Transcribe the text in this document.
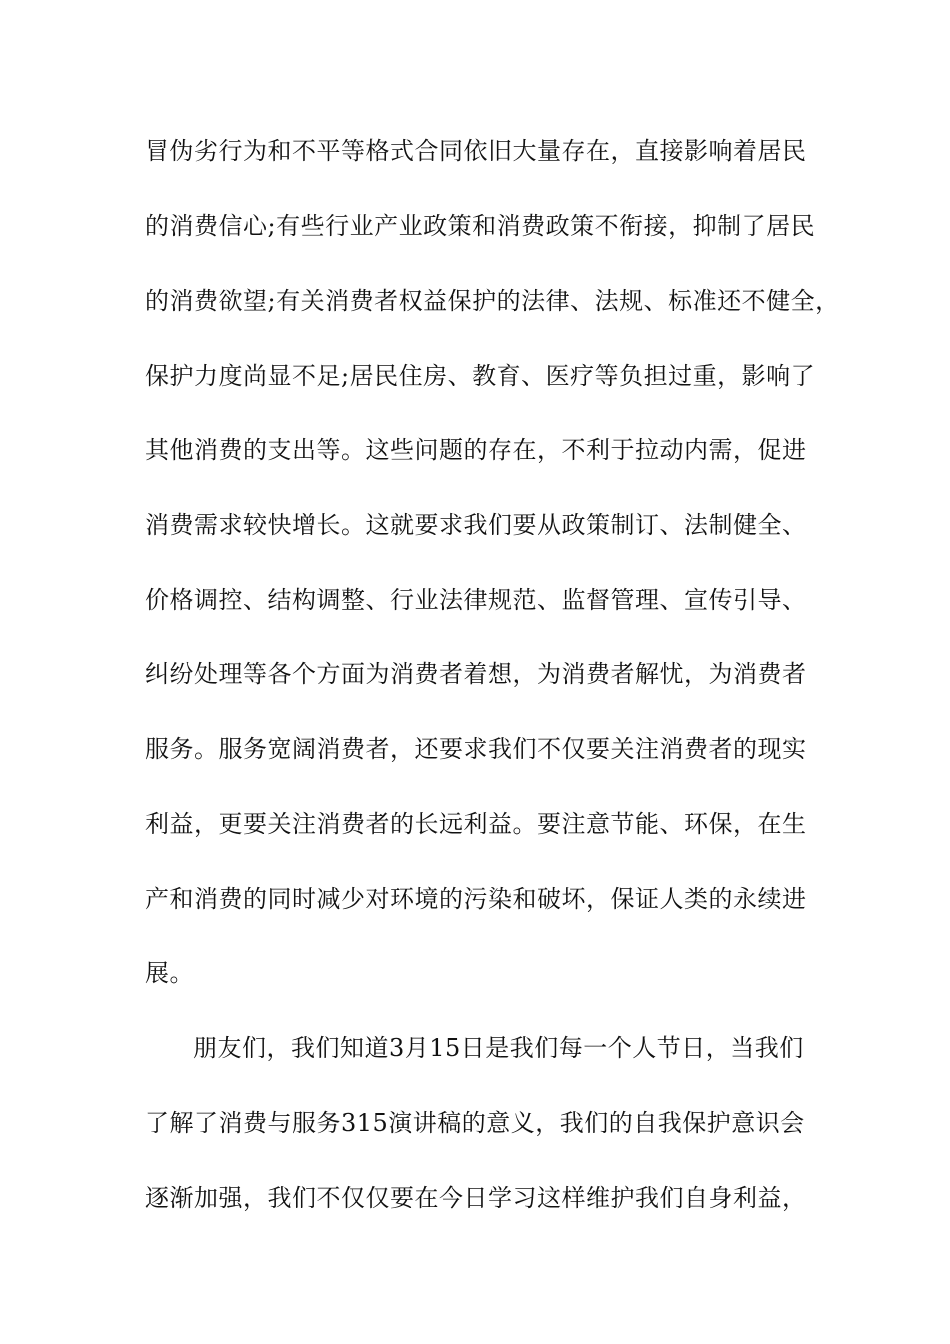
冒伪劣行为和不平等格式合同依旧大量存在，直接影响着居民
的消费信心;有些行业产业政策和消费政策不衔接，抑制了居民
的消费欲望;有关消费者权益保护的法律、法规、标准还不健全，
保护力度尚显不足;居民住房、教育、医疗等负担过重，影响了
其他消费的支出等。这些问题的存在，不利于拉动内需，促进
消费需求较快增长。这就要求我们要从政策制订、法制健全、
价格调控、结构调整、行业法律规范、监督管理、宣传引导、
纠纷处理等各个方面为消费者着想，为消费者解忧，为消费者
服务。服务宽阔消费者，还要求我们不仅要关注消费者的现实
利益，更要关注消费者的长远利益。要注意节能、环保，在生
产和消费的同时减少对环境的污染和破坏，保证人类的永续进
展。
朋友们，我们知道3月15日是我们每一个人节日，当我们
了解了消费与服务315演讲稿的意义，我们的自我保护意识会
逐渐加强，我们不仅仅要在今日学习这样维护我们自身利益，
